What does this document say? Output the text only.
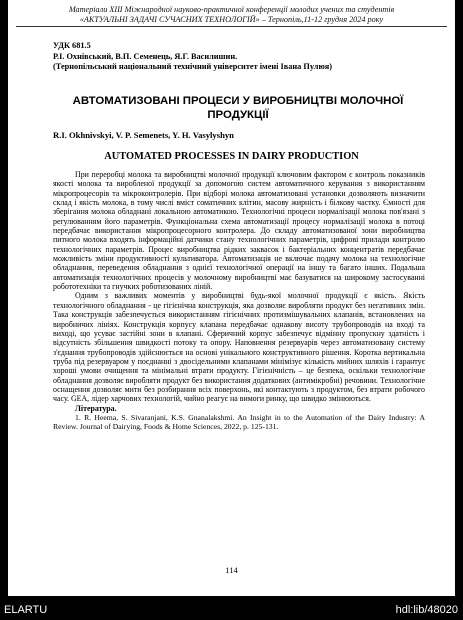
Матеріали XIII Міжнародної науково-практичної конференції молодих учених та студентів
«АКТУАЛЬНІ ЗАДАЧІ СУЧАСНИХ ТЕХНОЛОГІЙ» – Тернопіль,11-12 грудня 2024 року
УДК 681.5
Р.І. Охнівський, В.П. Семенець, Я.Г. Василишин.
(Тернопільський національний технічний університет імені Івана Пулюя)
АВТОМАТИЗОВАНІ ПРОЦЕСИ У ВИРОБНИЦТВІ МОЛОЧНОЇ ПРОДУКЦІЇ
R.I. Okhnivskyi, V. P. Semenets, Y. H. Vasylyshyn
AUTOMATED PROCESSES IN DAIRY PRODUCTION

При переробці молока та виробництві молочної продукції ключовим фактором є контроль показників якості молока та виробленої продукції за допомогою систем автоматичного керування з використанням мікропроцесорів та мікроконтролерів. При відборі молока автоматизовані установки дозволяють визначити склад і якість молока, в тому числі вміст соматичних клітин, масову жирність і білкову частку. Ємності для зберігання молока обладнані локальною автоматикою. Технологічні процеси нормалізації молока пов'язані з регулюванням його параметрів. Функціональна схема автоматизації процесу нормалізації молока в потоці передбачає використання мікропроцесорного контролера. До складу автоматизованої зони виробництва питного молока входять інформаційні датчики стану технологічних параметрів, цифрові прилади контролю технологічних параметрів. Процес виробництва рідких заквасок і бактеріальних концентратів передбачає можливість зміни продуктивності культиватора. Автоматизація не включає подачу молока на технологічне обладнання, переведення обладнання з однієї технологічної операції на іншу та багато інших. Подальша автоматизація технологічних процесів у молочному виробництві має базуватися на широкому застосуванні робототехніки та гнучких роботизованих ліній.

Одним з важливих моментів у виробництві будь-якої молочної продукції є якість. Якість технологічного обладнання - це гігієнічна конструкція, яка дозволяє виробляти продукт без негативних змін. Така конструкція забезпечується використанням гігієнічних протизмішувальних клапанів, встановлених на виробничих лініях. Конструкція корпусу клапана передбачає однакову висоту трубопроводів на вході та виході, що усуває застійні зони в клапані. Сферичний корпус забезпечує відмінну пропускну здатність і відсутність збільшення швидкості потоку та опору. Наповнення резервуарів через автоматизовану систему з'єднання трубопроводів здійснюється на основі унікального конструктивного рішення. Коротка вертикальна труба під резервуаром у поєднанні з двосідельними клапанами мінімізує кількість мийних шляхів і гарантує хороші умови очищення та мінімальні втрати продукту. Гігієнічність – це безпека, оскільки технологічне обладнання дозволяє виробляти продукт без використання додаткових (антимікробні) речовини. Технологічне оснащення дозволяє мити без розбирання всіх поверхонь, які контактують з продуктом, без втрати робочого часу. GEA, лідер харчових технологій, чийно реагує на вимоги ринку, що швидко змінюються.

Література.

1. R. Heema, S. Sivaranjani, K.S. Gnanalakshmi. An Insight in to the Automation of the Dairy Industry: A Review. Journal of Dairying, Foods & Home Sciences, 2022, p. 125-131.

114
ELARTU	hdl:lib/48020
